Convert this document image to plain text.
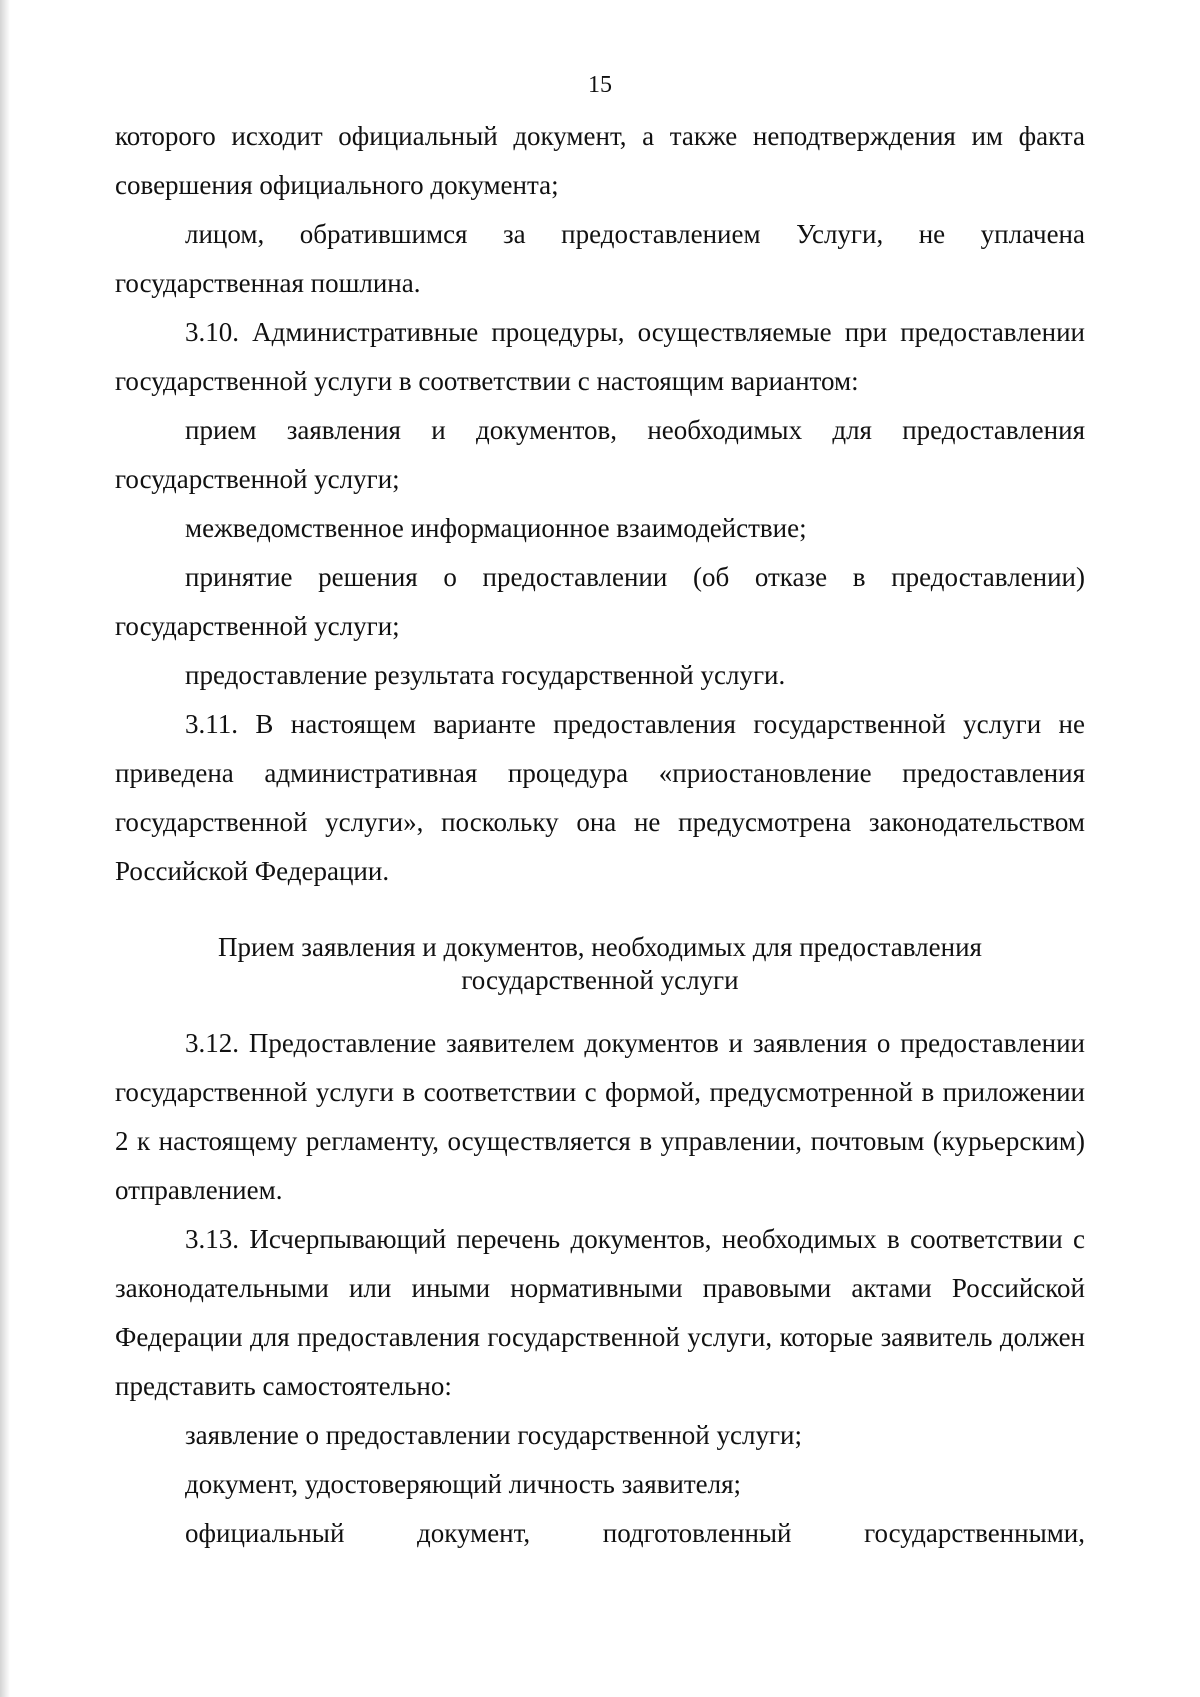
15

которого исходит официальный документ, а также неподтверждения им факта совершения официального документа;

лицом, обратившимся за предоставлением Услуги, не уплачена государственная пошлина.

3.10. Административные процедуры, осуществляемые при предоставлении государственной услуги в соответствии с настоящим вариантом:

прием заявления и документов, необходимых для предоставления государственной услуги;

межведомственное информационное взаимодействие;

принятие решения о предоставлении (об отказе в предоставлении) государственной услуги;

предоставление результата государственной услуги.

3.11. В настоящем варианте предоставления государственной услуги не приведена административная процедура «приостановление предоставления государственной услуги», поскольку она не предусмотрена законодательством Российской Федерации.

Прием заявления и документов, необходимых для предоставления
государственной услуги

3.12. Предоставление заявителем документов и заявления о предоставлении государственной услуги в соответствии с формой, предусмотренной в приложении 2 к настоящему регламенту, осуществляется в управлении, почтовым (курьерским) отправлением.

3.13. Исчерпывающий перечень документов, необходимых в соответствии с законодательными или иными нормативными правовыми актами Российской Федерации для предоставления государственной услуги, которые заявитель должен представить самостоятельно:

заявление о предоставлении государственной услуги;

документ, удостоверяющий личность заявителя;

официальный документ, подготовленный государственными,
